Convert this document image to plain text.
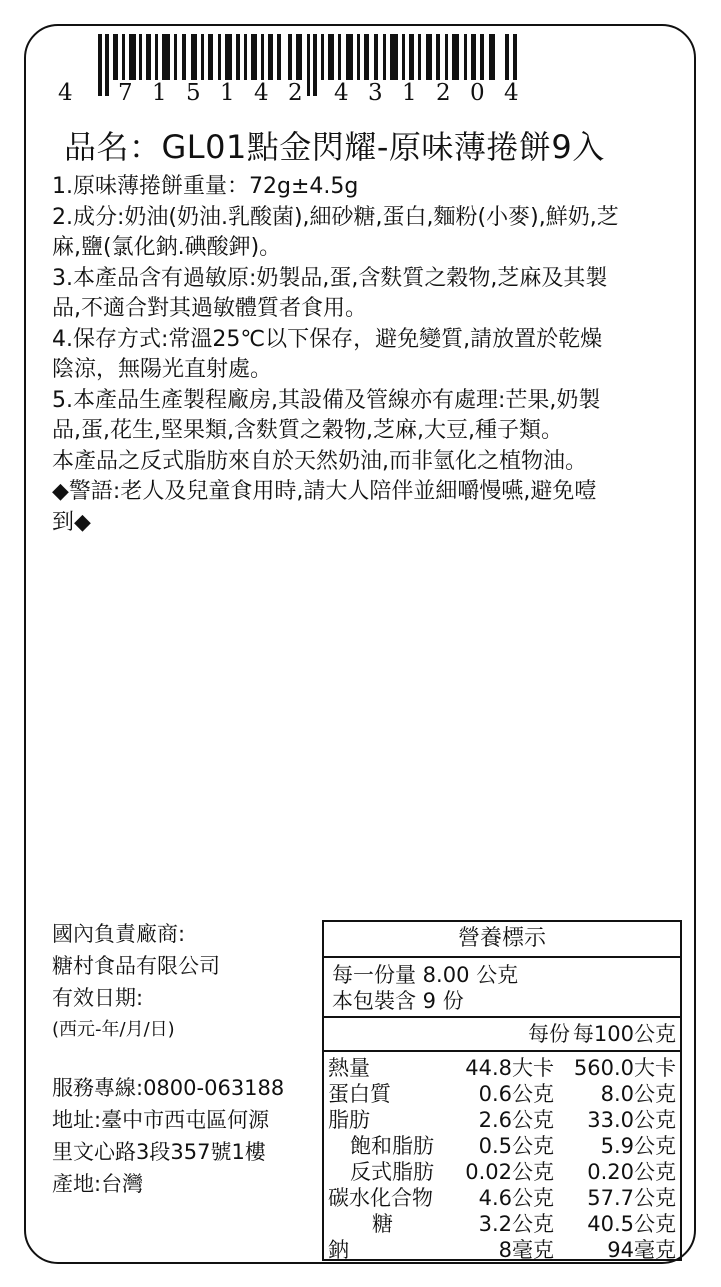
4 7 1 5 1 4 2 4 3 1 2 0 4
品名：GL01點金閃耀-原味薄捲餅9入
1.原味薄捲餅重量：72g±4.5g
2.成分:奶油(奶油.乳酸菌),細砂糖,蛋白,麵粉(小麥),鮮奶,芝
麻,鹽(氯化鈉.碘酸鉀)。
3.本產品含有過敏原:奶製品,蛋,含麩質之穀物,芝麻及其製
品,不適合對其過敏體質者食用。
4.保存方式:常溫25℃以下保存，避免變質,請放置於乾燥
陰涼，無陽光直射處。
5.本產品生產製程廠房,其設備及管線亦有處理:芒果,奶製
品,蛋,花生,堅果類,含麩質之穀物,芝麻,大豆,種子類。
本產品之反式脂肪來自於天然奶油,而非氫化之植物油。
◆警語:老人及兒童食用時,請大人陪伴並細嚼慢嚥,避免噎
到◆
國內負責廠商:
糖村食品有限公司
有效日期:
(西元-年/月/日)
服務專線:0800-063188
地址:臺中市西屯區何源
里文心路3段357號1樓
產地:台灣
營養標示
每一份量 8.00 公克
本包裝含 9 份
每份 每100公克
熱量	44.8大卡 560.0大卡
蛋白質	0.6公克 8.0公克
脂肪	2.6公克 33.0公克
飽和脂肪 0.5公克 5.9公克
反式脂肪 0.02公克 0.20公克
碳水化合物 4.6公克 57.7公克
糖	3.2公克 40.5公克
鈉	8毫克	94毫克
